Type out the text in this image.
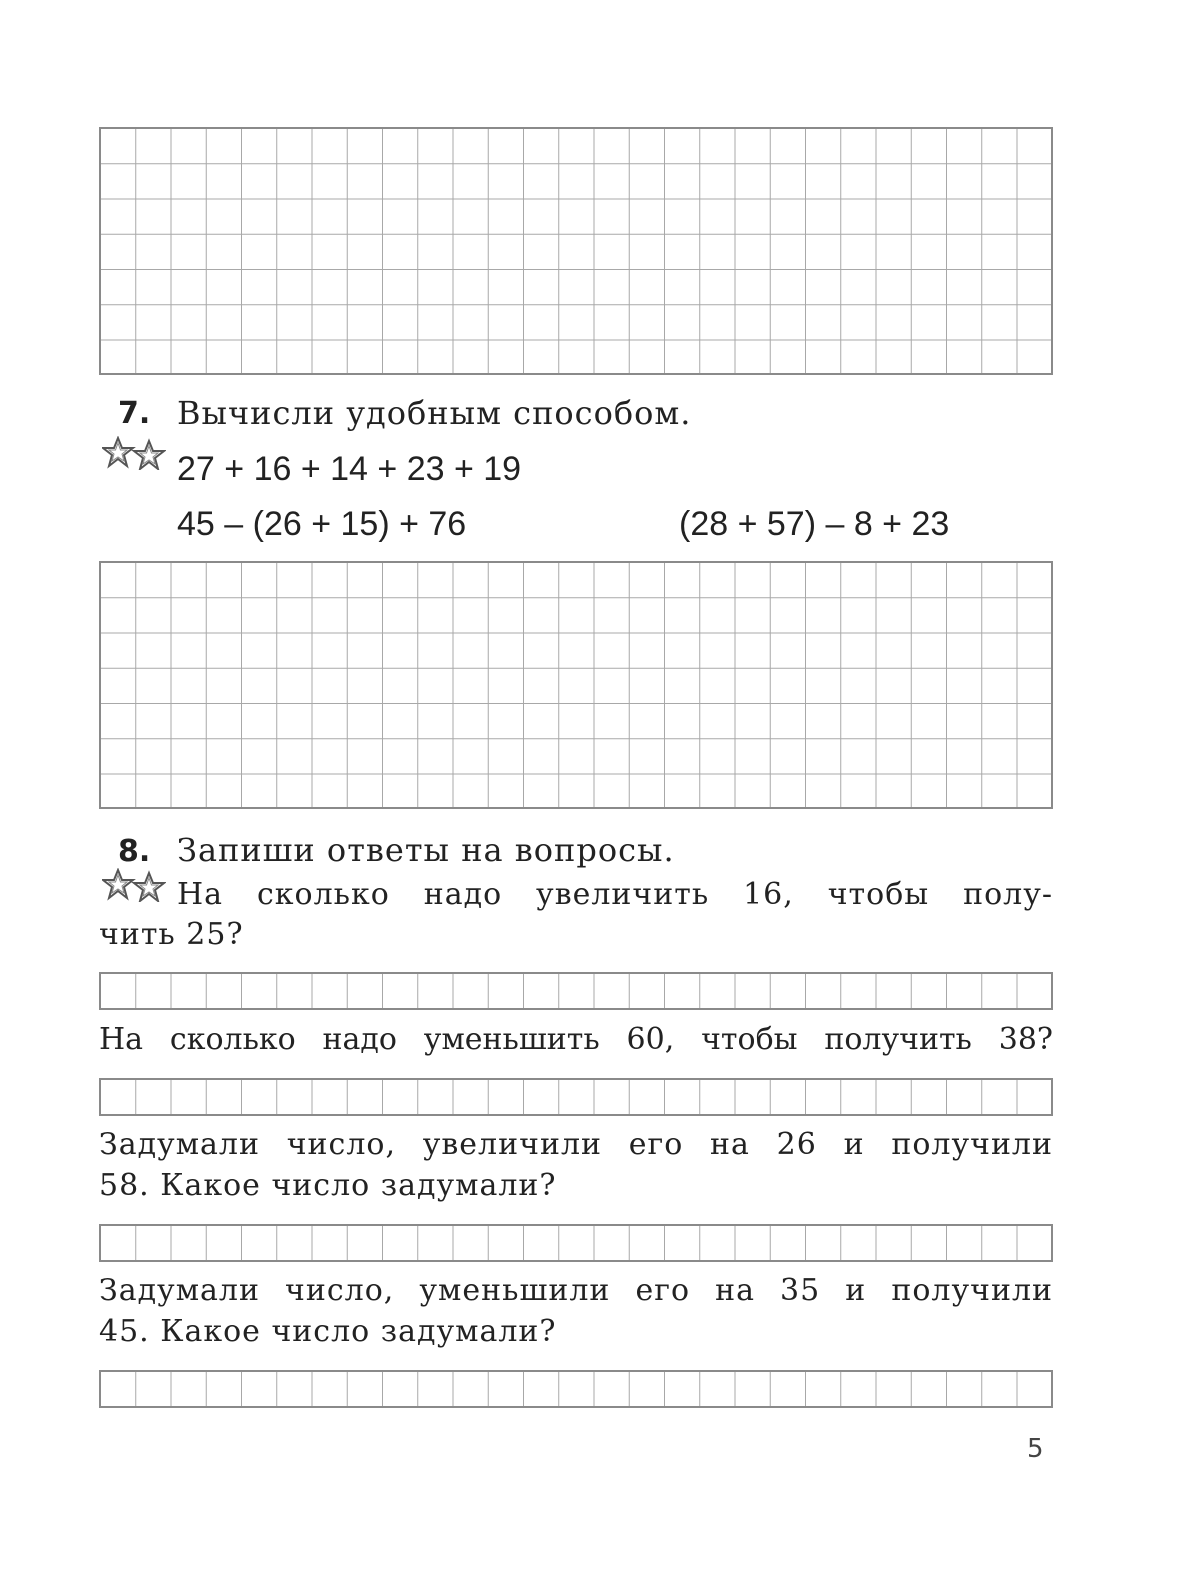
7. Вычисли удобным способом.
27 + 16 + 14 + 23 + 19
45 – (26 + 15) + 76	(28 + 57) – 8 + 23
8. Запиши ответы на вопросы.
На сколько надо увеличить 16, чтобы полу-
чить 25?
На сколько надо уменьшить 60, чтобы получить 38?
Задумали число, увеличили его на 26 и получили
58. Какое число задумали?
Задумали число, уменьшили его на 35 и получили
45. Какое число задумали?
5
